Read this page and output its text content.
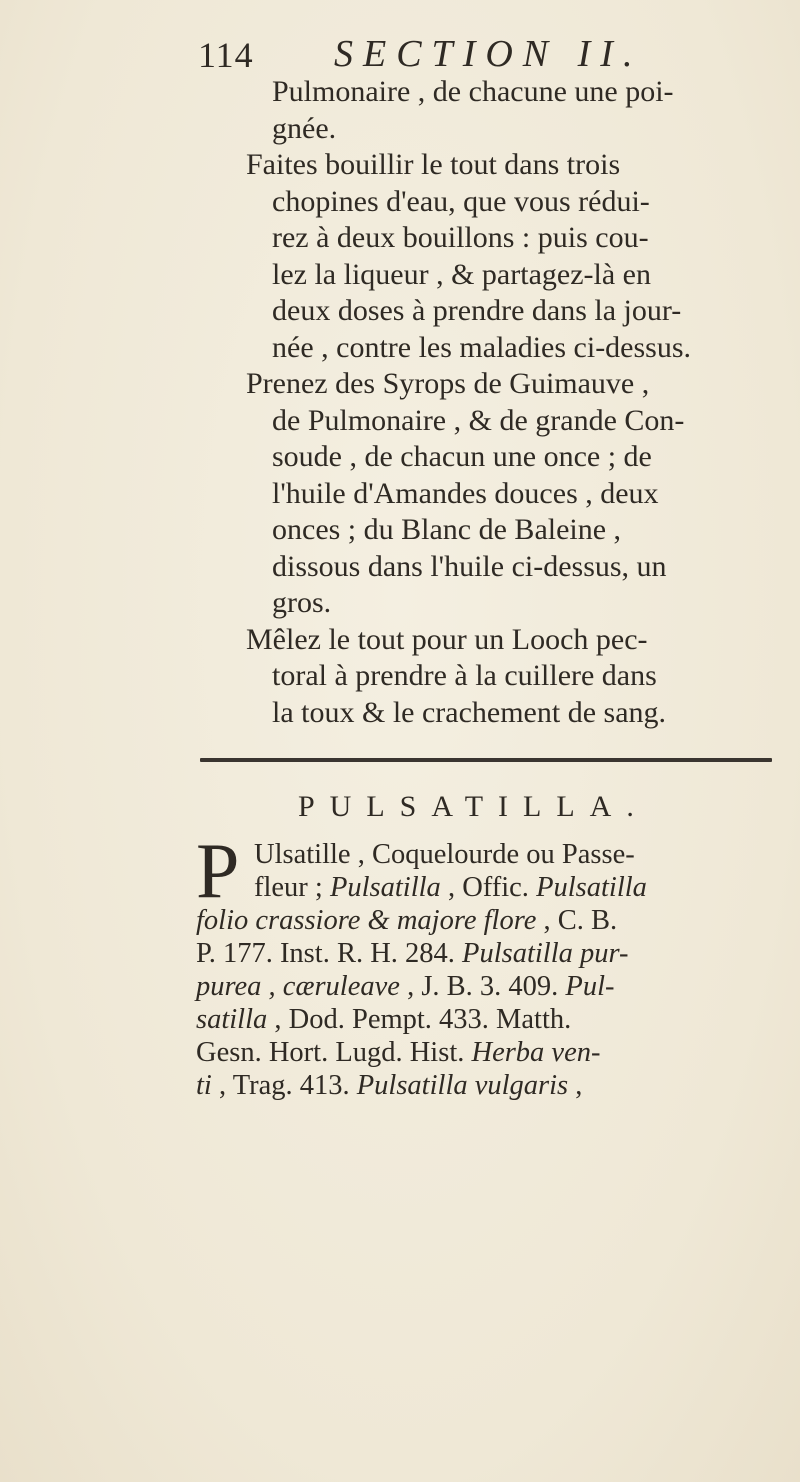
114 SECTION II.
Pulmonaire , de chacune une poi-
gnée.
Faites bouillir le tout dans trois
chopines d'eau, que vous rédui-
rez à deux bouillons : puis cou-
lez la liqueur , & partagez-là en
deux doses à prendre dans la jour-
née , contre les maladies ci-dessus.
Prenez des Syrops de Guimauve ,
de Pulmonaire , & de grande Con-
soude , de chacun une once ; de
l'huile d'Amandes douces , deux
onces ; du Blanc de Baleine ,
dissous dans l'huile ci-dessus, un
gros.
Mêlez le tout pour un Looch pec-
toral à prendre à la cuillere dans
la toux & le crachement de sang.
PULSATILLA.
P Ulsatille , Coquelourde ou Passe-
fleur ; Pulsatilla , Offic. Pulsatilla
folio crassiore & majore flore , C. B.
P. 177. Inst. R. H. 284. Pulsatilla pur-
purea , cæruleave , J. B. 3. 409. Pul-
satilla , Dod. Pempt. 433. Matth.
Gesn. Hort. Lugd. Hist. Herba ven-
ti , Trag. 413. Pulsatilla vulgaris ,
